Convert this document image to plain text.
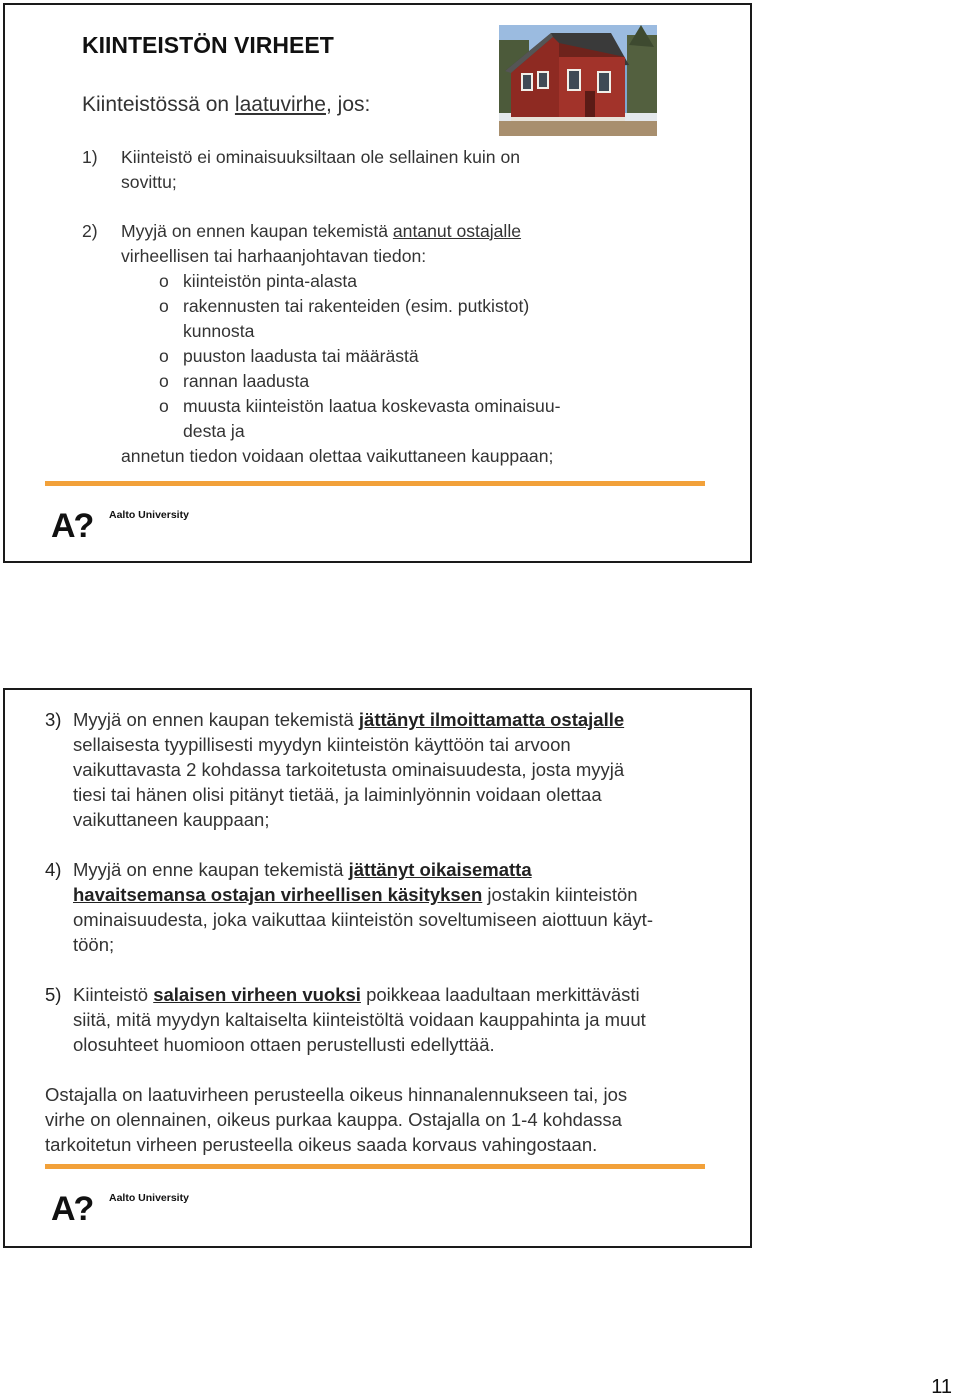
KIINTEISTÖN VIRHEET
Kiinteistössä on laatuvirhe, jos:
1) Kiinteistö ei ominaisuuksiltaan ole sellainen kuin on
sovittu;
2) Myyjä on ennen kaupan tekemistä antanut ostajalle
virheellisen tai harhaanjohtavan tiedon:
o kiinteistön pinta-alasta
o rakennusten tai rakenteiden (esim. putkistot)
kunnosta
o puuston laadusta tai määrästä
o rannan laadusta
o muusta kiinteistön laatua koskevasta ominaisuu-
desta ja
annetun tiedon voidaan olettaa vaikuttaneen kauppaan;
A? Aalto University
3) Myyjä on ennen kaupan tekemistä jättänyt ilmoittamatta ostajalle
sellaisesta tyypillisesti myydyn kiinteistön käyttöön tai arvoon
vaikuttavasta 2 kohdassa tarkoitetusta ominaisuudesta, josta myyjä
tiesi tai hänen olisi pitänyt tietää, ja laiminlyönnin voidaan olettaa
vaikuttaneen kauppaan;
4) Myyjä on enne kaupan tekemistä jättänyt oikaisematta
havaitsemansa ostajan virheellisen käsityksen jostakin kiinteistön
ominaisuudesta, joka vaikuttaa kiinteistön soveltumiseen aiottuun käyt-
töön;
5) Kiinteistö salaisen virheen vuoksi poikkeaa laadultaan merkittävästi
siitä, mitä myydyn kaltaiselta kiinteistöltä voidaan kauppahinta ja muut
olosuhteet huomioon ottaen perustellusti edellyttää.
Ostajalla on laatuvirheen perusteella oikeus hinnanalennukseen tai, jos
virhe on olennainen, oikeus purkaa kauppa. Ostajalla on 1-4 kohdassa
tarkoitetun virheen perusteella oikeus saada korvaus vahingostaan.
A? Aalto University
11
